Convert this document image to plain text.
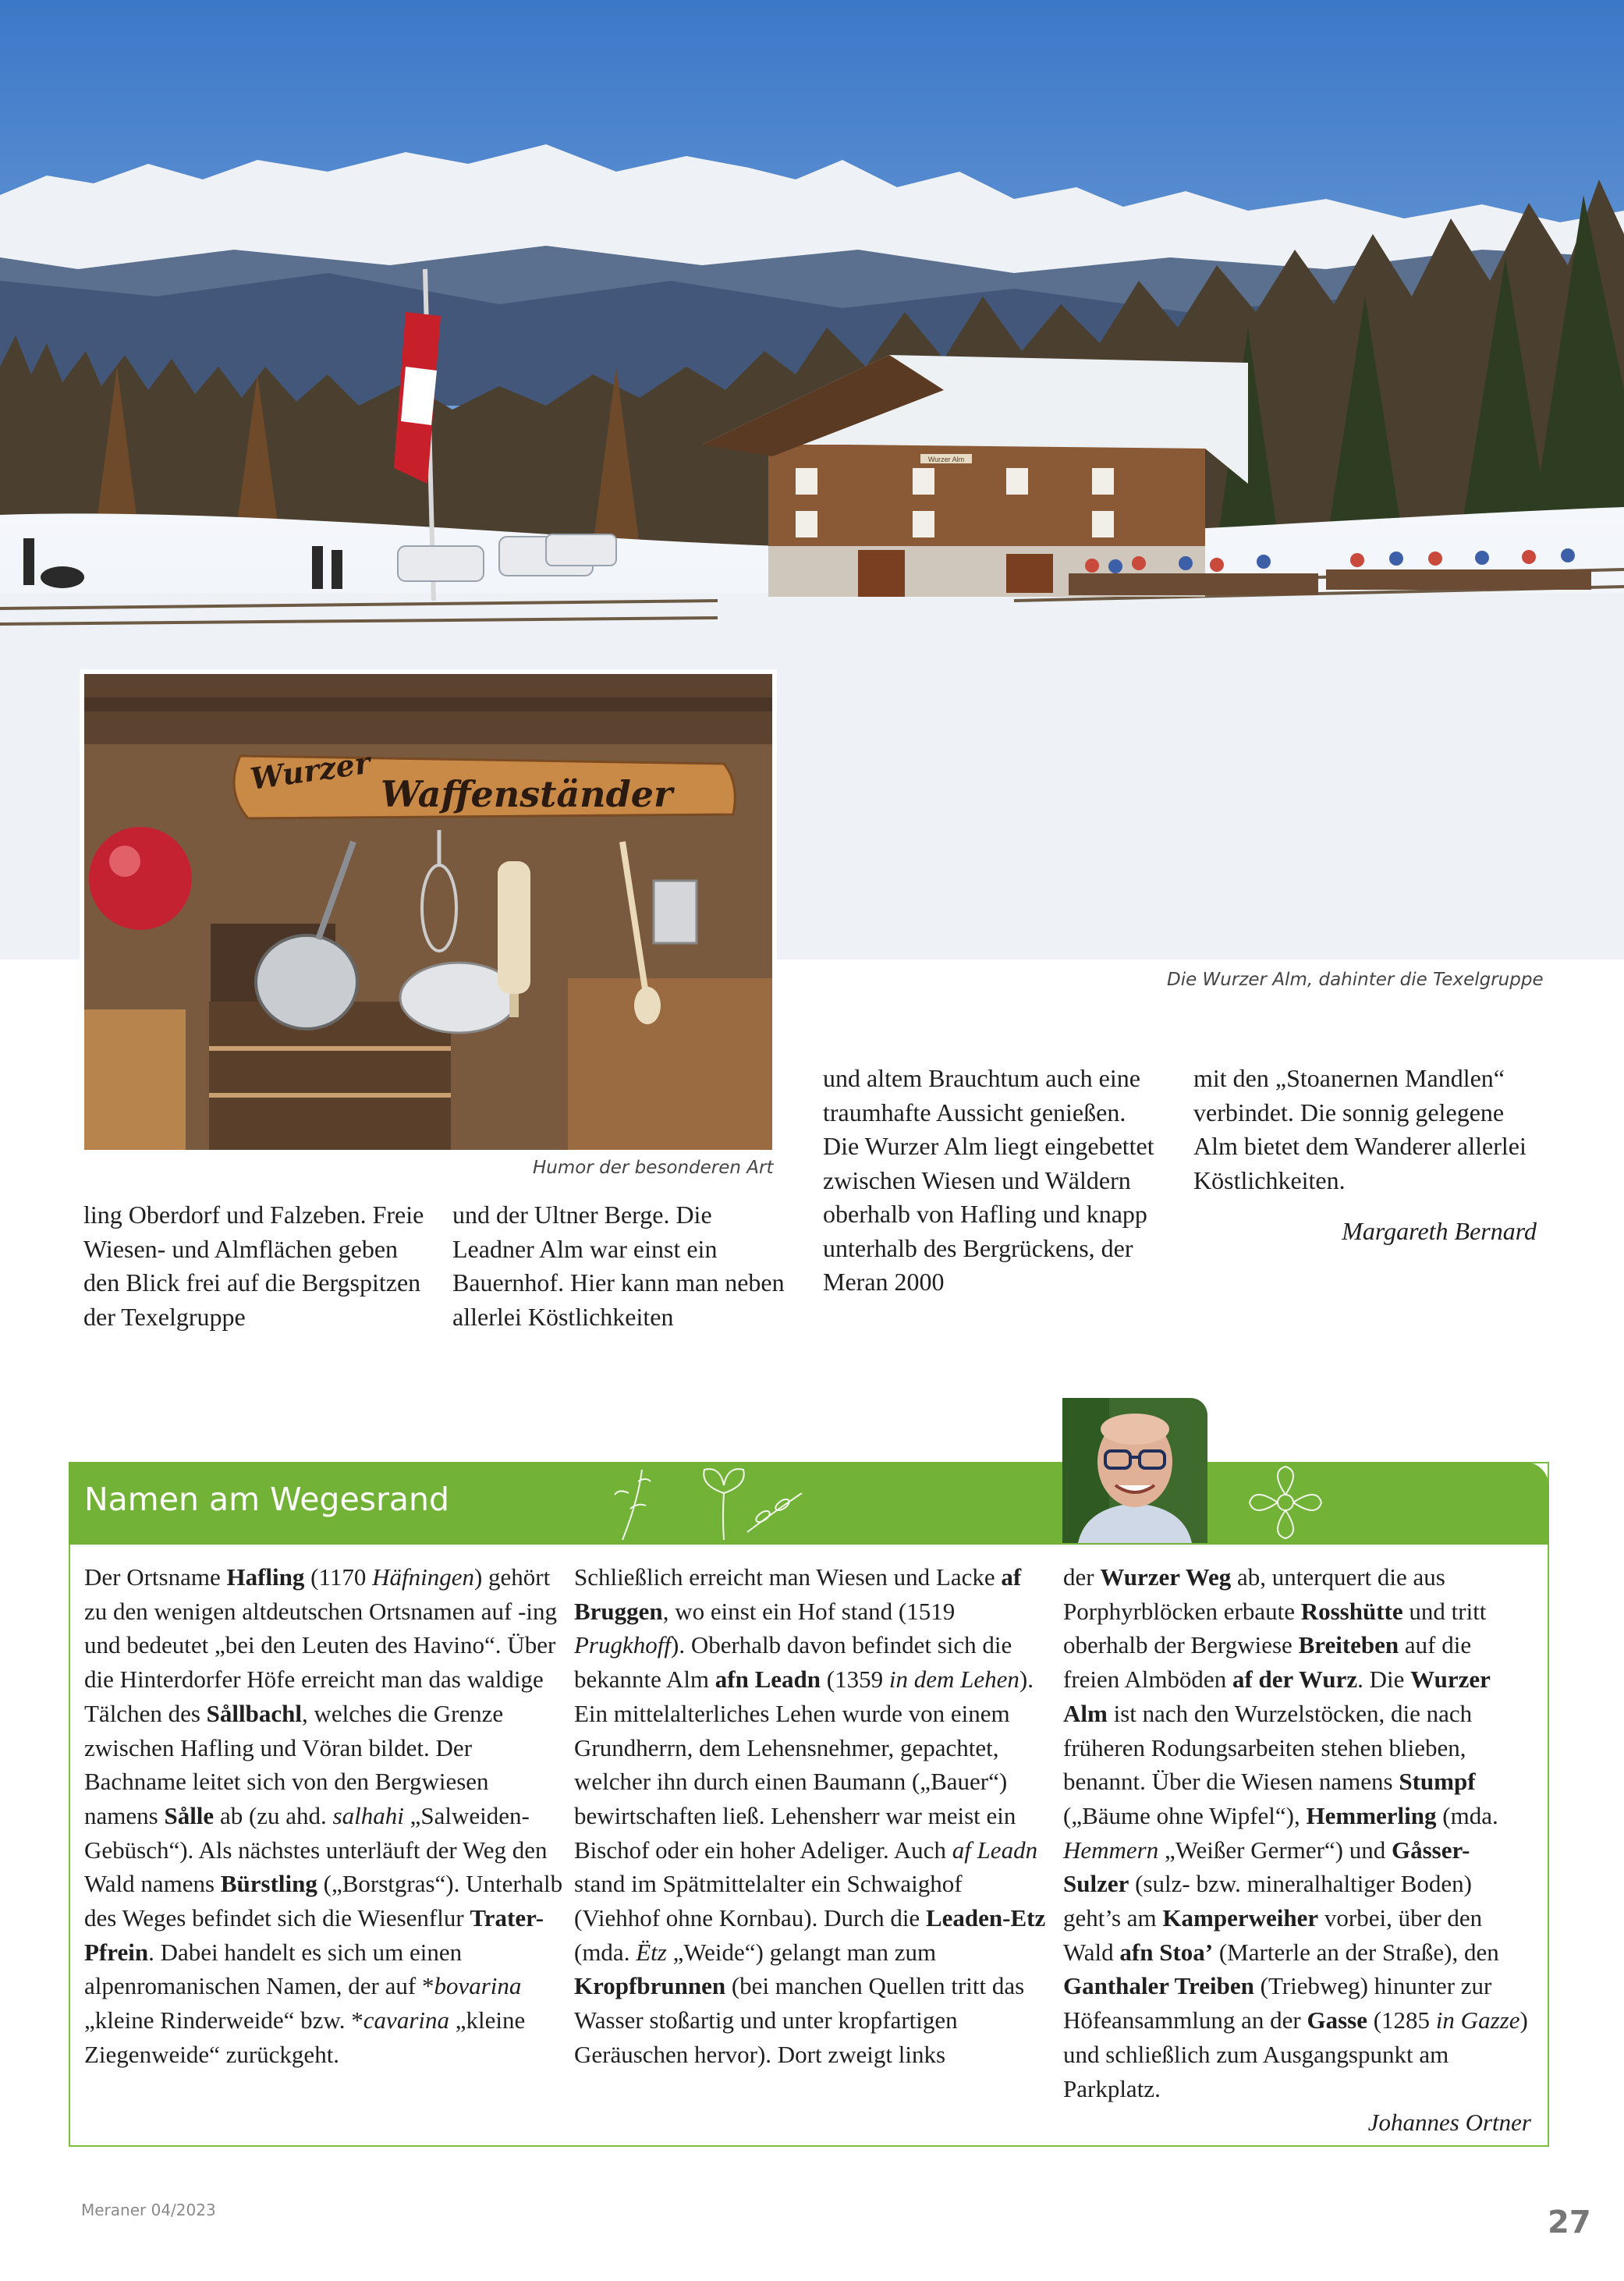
Wurzer Alm
Die Wurzer Alm, dahinter die Texelgruppe
Wurzer Waffenständer
Humor der besonderen Art

ling Oberdorf und Falzeben. Freie Wiesen- und Almflächen geben den Blick frei auf die Bergspitzen der Texelgruppe

und der Ultner Berge. Die Leadner Alm war einst ein Bauernhof. Hier kann man neben allerlei Köstlichkeiten

und altem Brauchtum auch eine traumhafte Aussicht genießen. Die Wurzer Alm liegt eingebettet zwischen Wiesen und Wäldern oberhalb von Hafling und knapp unterhalb des Bergrückens, der Meran 2000

mit den „Stoanernen Mandlen“ verbindet. Die sonnig gelegene Alm bietet dem Wanderer allerlei Köstlichkeiten.

Margareth Bernard

Namen am Wegesrand
Der Ortsname Hafling (1170 Häfningen) gehört zu den wenigen altdeutschen Ortsnamen auf -ing und bedeutet „bei den Leuten des Havino“. Über die Hinterdorfer Höfe erreicht man das waldige Tälchen des Sållbachl, welches die Grenze zwischen Hafling und Vöran bildet. Der Bachname leitet sich von den Bergwiesen namens Sålle ab (zu ahd. salhahi „Salweiden-Gebüsch“). Als nächstes unterläuft der Weg den Wald namens Bürstling („Borstgras“). Unterhalb des Weges befindet sich die Wiesenflur Trater-Pfrein. Dabei handelt es sich um einen alpenromanischen Namen, der auf *bovarina „kleine Rinderweide“ bzw. *cavarina „kleine Ziegenweide“ zurückgeht.
Schließlich erreicht man Wiesen und Lacke af Bruggen, wo einst ein Hof stand (1519 Prugkhoff). Oberhalb davon befindet sich die bekannte Alm afn Leadn (1359 in dem Lehen). Ein mittelalterliches Lehen wurde von einem Grundherrn, dem Lehensnehmer, gepachtet, welcher ihn durch einen Baumann („Bauer“) bewirtschaften ließ. Lehensherr war meist ein Bischof oder ein hoher Adeliger. Auch af Leadn stand im Spätmittelalter ein Schwaighof (Viehhof ohne Kornbau). Durch die Leaden-Etz (mda. Ëtz „Weide“) gelangt man zum Kropfbrunnen (bei manchen Quellen tritt das Wasser stoßartig und unter kropfartigen Geräuschen hervor). Dort zweigt links
der Wurzer Weg ab, unterquert die aus Porphyrblöcken erbaute Rosshütte und tritt oberhalb der Bergwiese Breiteben auf die freien Almböden af der Wurz. Die Wurzer Alm ist nach den Wurzelstöcken, die nach früheren Rodungsarbeiten stehen blieben, benannt. Über die Wiesen namens Stumpf („Bäume ohne Wipfel“), Hemmerling (mda. Hemmern „Weißer Germer“) und Gåsser-Sulzer (sulz- bzw. mineralhaltiger Boden) geht’s am Kamperweiher vorbei, über den Wald afn Stoa’ (Marterle an der Straße), den Ganthaler Treiben (Triebweg) hinunter zur Höfeansammlung an der Gasse (1285 in Gazze) und schließlich zum Ausgangspunkt am Parkplatz.
Johannes Ortner
Meraner 04/2023	27
